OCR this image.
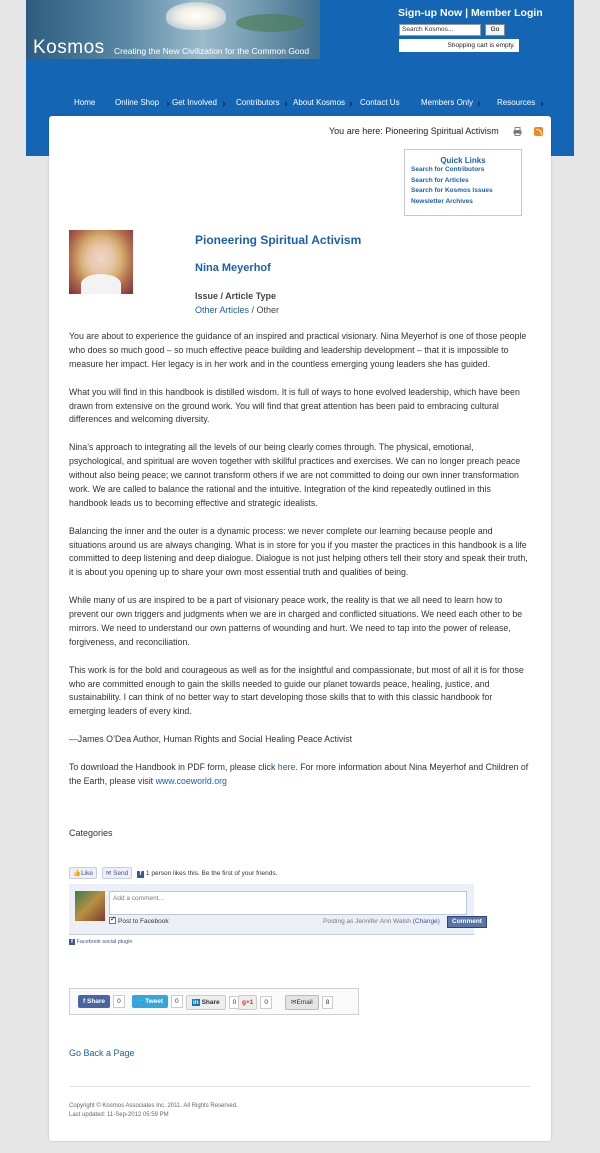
Kosmos Creating the New Civilization for the Common Good
Sign-up Now | Member Login
Search Kosmos...	Go
Shopping cart is empty.
Home Online Shop Get Involved Contributors About Kosmos Contact Us	Members Only	Resources
You are here: Pioneering Spiritual Activism
Quick Links
Search for Contributors
Search for Articles
Search for Kosmos Issues
Newsletter Archives
Pioneering Spiritual Activism
Nina Meyerhof
Issue / Article Type
Other Articles / Other

You are about to experience the guidance of an inspired and practical visionary. Nina Meyerhof is one of those people who does so much good – so much effective peace building and leadership development – that it is impossible to measure her impact. Her legacy is in her work and in the countless emerging young leaders she has guided.

What you will find in this handbook is distilled wisdom. It is full of ways to hone evolved leadership, which have been drawn from extensive on the ground work. You will find that great attention has been paid to embracing cultural differences and welcoming diversity.

Nina’s approach to integrating all the levels of our being clearly comes through. The physical, emotional, psychological, and spiritual are woven together with skillful practices and exercises. We can no longer preach peace without also being peace; we cannot transform others if we are not committed to doing our own inner transformation work. We are called to balance the rational and the intuitive. Integration of the kind repeatedly outlined in this handbook leads us to becoming effective and strategic idealists.

Balancing the inner and the outer is a dynamic process: we never complete our learning because people and situations around us are always changing. What is in store for you if you master the practices in this handbook is a life committed to deep listening and deep dialogue. Dialogue is not just helping others tell their story and speak their truth, it is about you opening up to share your own most essential truth and qualities of being.

While many of us are inspired to be a part of visionary peace work, the reality is that we all need to learn how to prevent our own triggers and judgments when we are in charged and conflicted situations. We need each other to be mirrors. We need to understand our own patterns of wounding and hurt. We need to tap into the power of release, forgiveness, and reconciliation.

This work is for the bold and courageous as well as for the insightful and compassionate, but most of all it is for those who are committed enough to gain the skills needed to guide our planet towards peace, healing, justice, and sustainability. I can think of no better way to start developing those skills that to with this classic handbook for emerging leaders of every kind.

—James O’Dea Author, Human Rights and Social Healing Peace Activist

To download the Handbook in PDF form, please click here. For more information about Nina Meyerhof and Children of the Earth, please visit www.coeworld.org

Categories
👍Like ✉ Send f 1 person likes this. Be the first of your friends.
Add a comment...
✓Post to Facebook	Posting as Jennifer Ann Walsh (Change)	Comment
f Facebook social plugin
f Share 0	🐦Tweet 0	in Share 0 g+1 0	✉Email 8
Go Back a Page
Copyright © Kosmos Associates Inc. 2011. All Rights Reserved.
Last updated: 11-Sep-2012 05:59 PM
